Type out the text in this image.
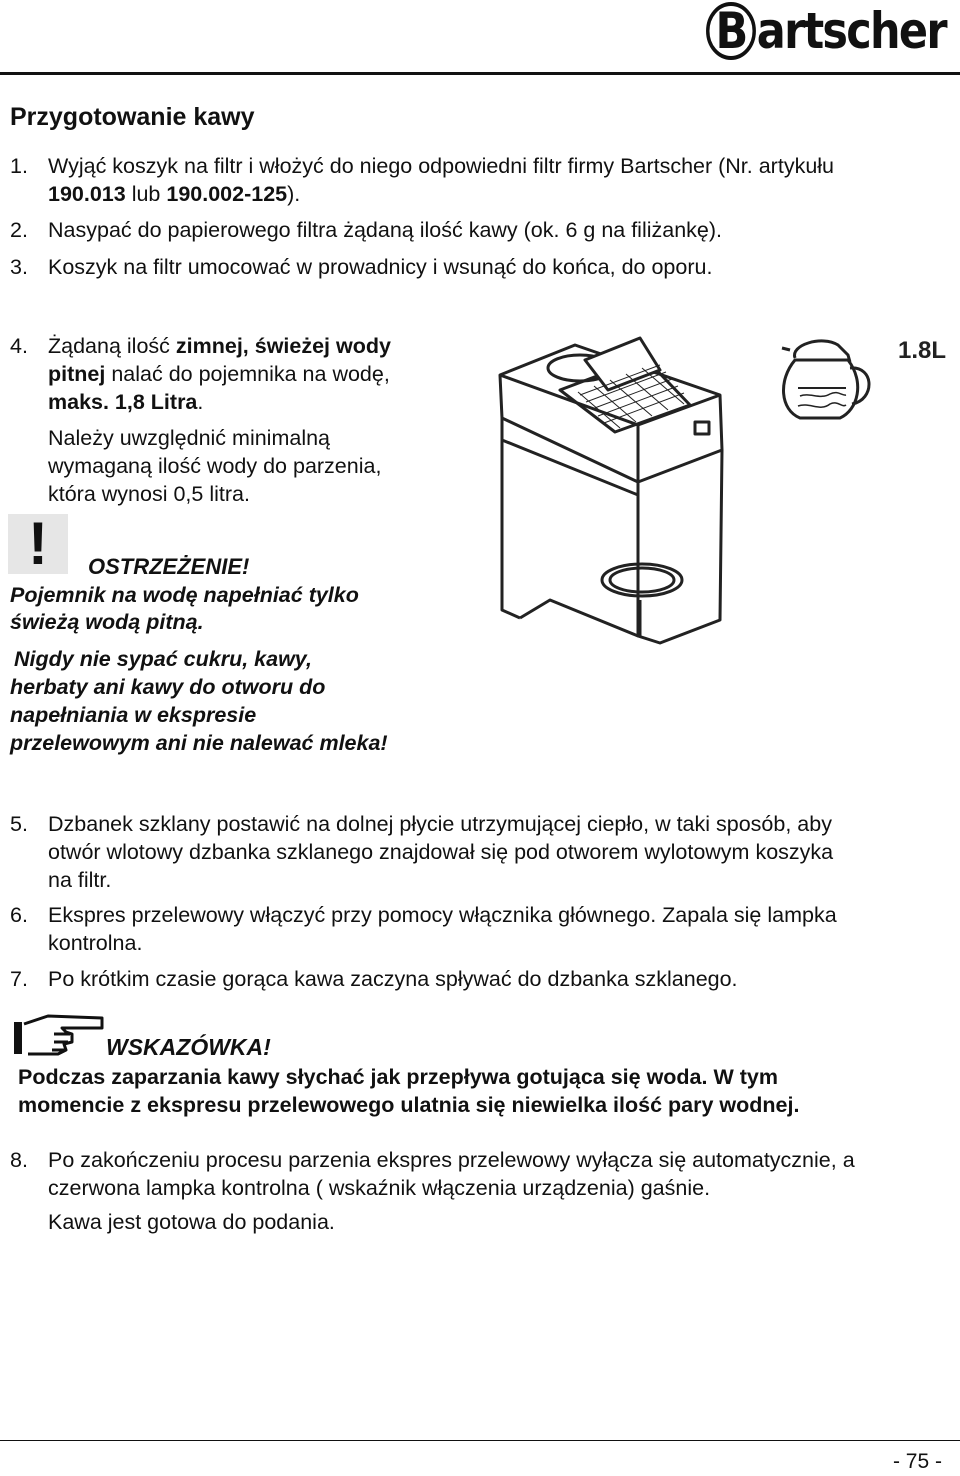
B artscher
Przygotowanie kawy
1. Wyjąć koszyk na filtr i włożyć do niego odpowiedni filtr firmy Bartscher (Nr. artykułu
190.013 lub 190.002-125).
2. Nasypać do papierowego filtra żądaną ilość kawy (ok. 6 g na filiżankę).
3. Koszyk na filtr umocować w prowadnicy i wsunąć do końca, do oporu.
4. Żądaną ilość zimnej, świeżej wody
pitnej nalać do pojemnika na wodę,
maks. 1,8 Litra.
Należy uwzględnić minimalną
wymaganą ilość wody do parzenia,
która wynosi 0,5 litra.
!	OSTRZEŻENIE!
Pojemnik na wodę napełniać tylko
świeżą wodą pitną.
Nigdy nie sypać cukru, kawy,
herbaty ani kawy do otworu do
napełniania w ekspresie
przelewowym ani nie nalewać mleka!
1.8L
5. Dzbanek szklany postawić na dolnej płycie utrzymującej ciepło, w taki sposób, aby
otwór wlotowy dzbanka szklanego znajdował się pod otworem wylotowym koszyka
na filtr.
6. Ekspres przelewowy włączyć przy pomocy włącznika głównego. Zapala się lampka
kontrolna.
7. Po krótkim czasie gorąca kawa zaczyna spływać do dzbanka szklanego.
WSKAZÓWKA!
Podczas zaparzania kawy słychać jak przepływa gotująca się woda. W tym
momencie z ekspresu przelewowego ulatnia się niewielka ilość pary wodnej.
8. Po zakończeniu procesu parzenia ekspres przelewowy wyłącza się automatycznie, a
czerwona lampka kontrolna ( wskaźnik włączenia urządzenia) gaśnie.
Kawa jest gotowa do podania.
- 75 -
